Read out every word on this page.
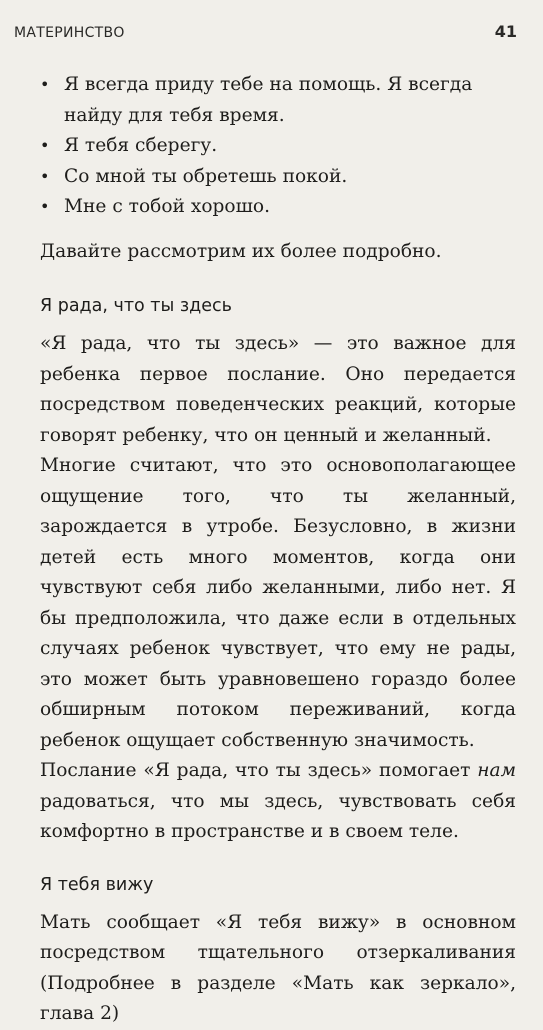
МАТЕРИНСТВО	41
• Я всегда приду тебе на помощь. Я всегда найду для тебя время.
• Я тебя сберегу.
• Со мной ты обретешь покой.
• Мне с тобой хорошо.

Давайте рассмотрим их более подробно.

Я рада, что ты здесь

«Я рада, что ты здесь» — это важное для ребенка первое послание. Оно передается посредством поведенческих реакций, которые говорят ребенку, что он ценный и желанный.

Многие считают, что это основополагающее ощущение того, что ты желанный, зарождается в утробе. Безусловно, в жизни детей есть много моментов, когда они чувствуют себя либо желанными, либо нет. Я бы предположила, что даже если в отдельных случаях ребенок чувствует, что ему не рады, это может быть уравновешено гораздо более обширным потоком переживаний, когда ребенок ощущает собственную значимость.

Послание «Я рада, что ты здесь» помогает нам радоваться, что мы здесь, чувствовать себя комфортно в пространстве и в своем теле.

Я тебя вижу

Мать сообщает «Я тебя вижу» в основном посредством тщательного отзеркаливания (Подробнее в разделе «Мать как зеркало», глава 2)
